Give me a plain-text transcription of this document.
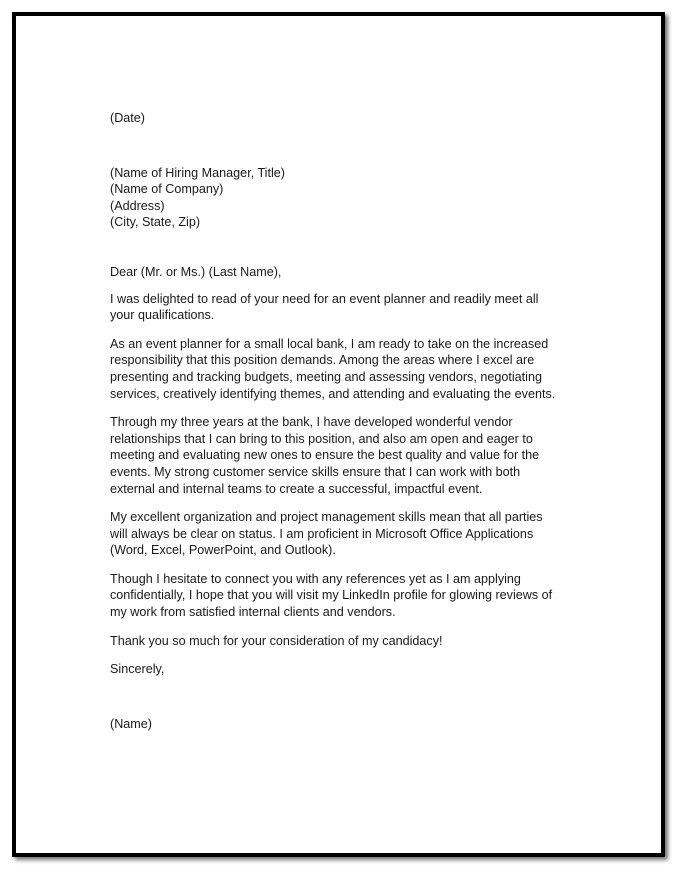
(Date)
(Name of Hiring Manager, Title)
(Name of Company)
(Address)
(City, State, Zip)
Dear (Mr. or Ms.) (Last Name),
I was delighted to read of your need for an event planner and readily meet all
your qualifications.
As an event planner for a small local bank, I am ready to take on the increased
responsibility that this position demands. Among the areas where I excel are
presenting and tracking budgets, meeting and assessing vendors, negotiating
services, creatively identifying themes, and attending and evaluating the events.
Through my three years at the bank, I have developed wonderful vendor
relationships that I can bring to this position, and also am open and eager to
meeting and evaluating new ones to ensure the best quality and value for the
events. My strong customer service skills ensure that I can work with both
external and internal teams to create a successful, impactful event.
My excellent organization and project management skills mean that all parties
will always be clear on status. I am proficient in Microsoft Office Applications
(Word, Excel, PowerPoint, and Outlook).
Though I hesitate to connect you with any references yet as I am applying
confidentially, I hope that you will visit my LinkedIn profile for glowing reviews of
my work from satisfied internal clients and vendors.
Thank you so much for your consideration of my candidacy!
Sincerely,
(Name)
